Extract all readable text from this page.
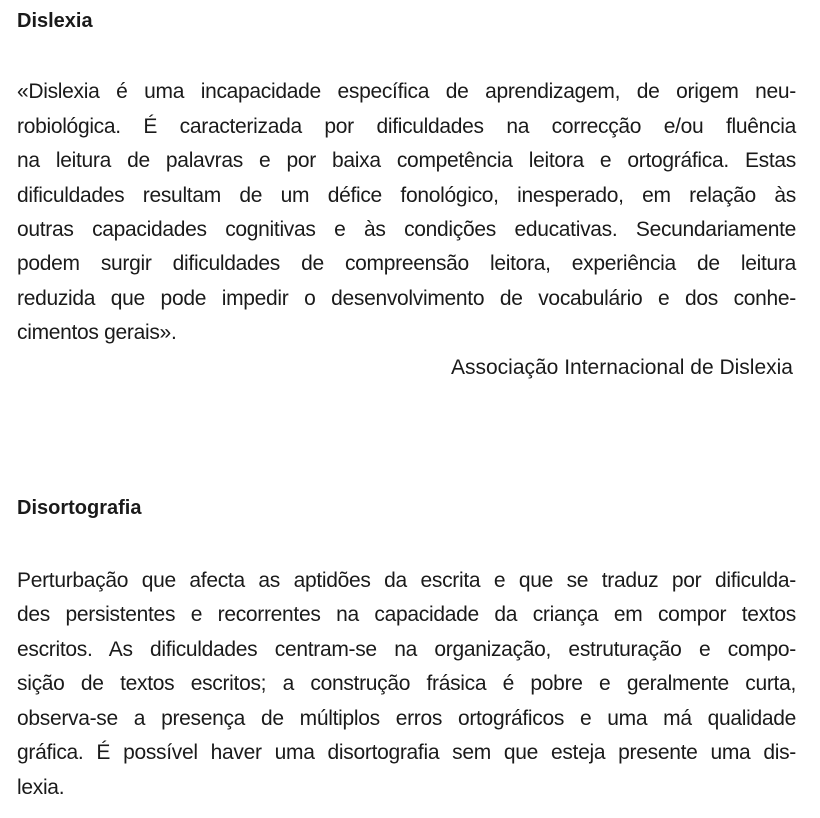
Dislexia
«Dislexia é uma incapacidade específica de aprendizagem, de origem neu-
robiológica. É caracterizada por dificuldades na correcção e/ou fluência
na leitura de palavras e por baixa competência leitora e ortográfica. Estas
dificuldades resultam de um défice fonológico, inesperado, em relação às
outras capacidades cognitivas e às condições educativas. Secundariamente
podem surgir dificuldades de compreensão leitora, experiência de leitura
reduzida que pode impedir o desenvolvimento de vocabulário e dos conhe-
cimentos gerais».
Associação Internacional de Dislexia
Disortografia
Perturbação que afecta as aptidões da escrita e que se traduz por dificulda-
des persistentes e recorrentes na capacidade da criança em compor textos
escritos. As dificuldades centram-se na organização, estruturação e compo-
sição de textos escritos; a construção frásica é pobre e geralmente curta,
observa-se a presença de múltiplos erros ortográficos e uma má qualidade
gráfica. É possível haver uma disortografia sem que esteja presente uma dis-
lexia.
